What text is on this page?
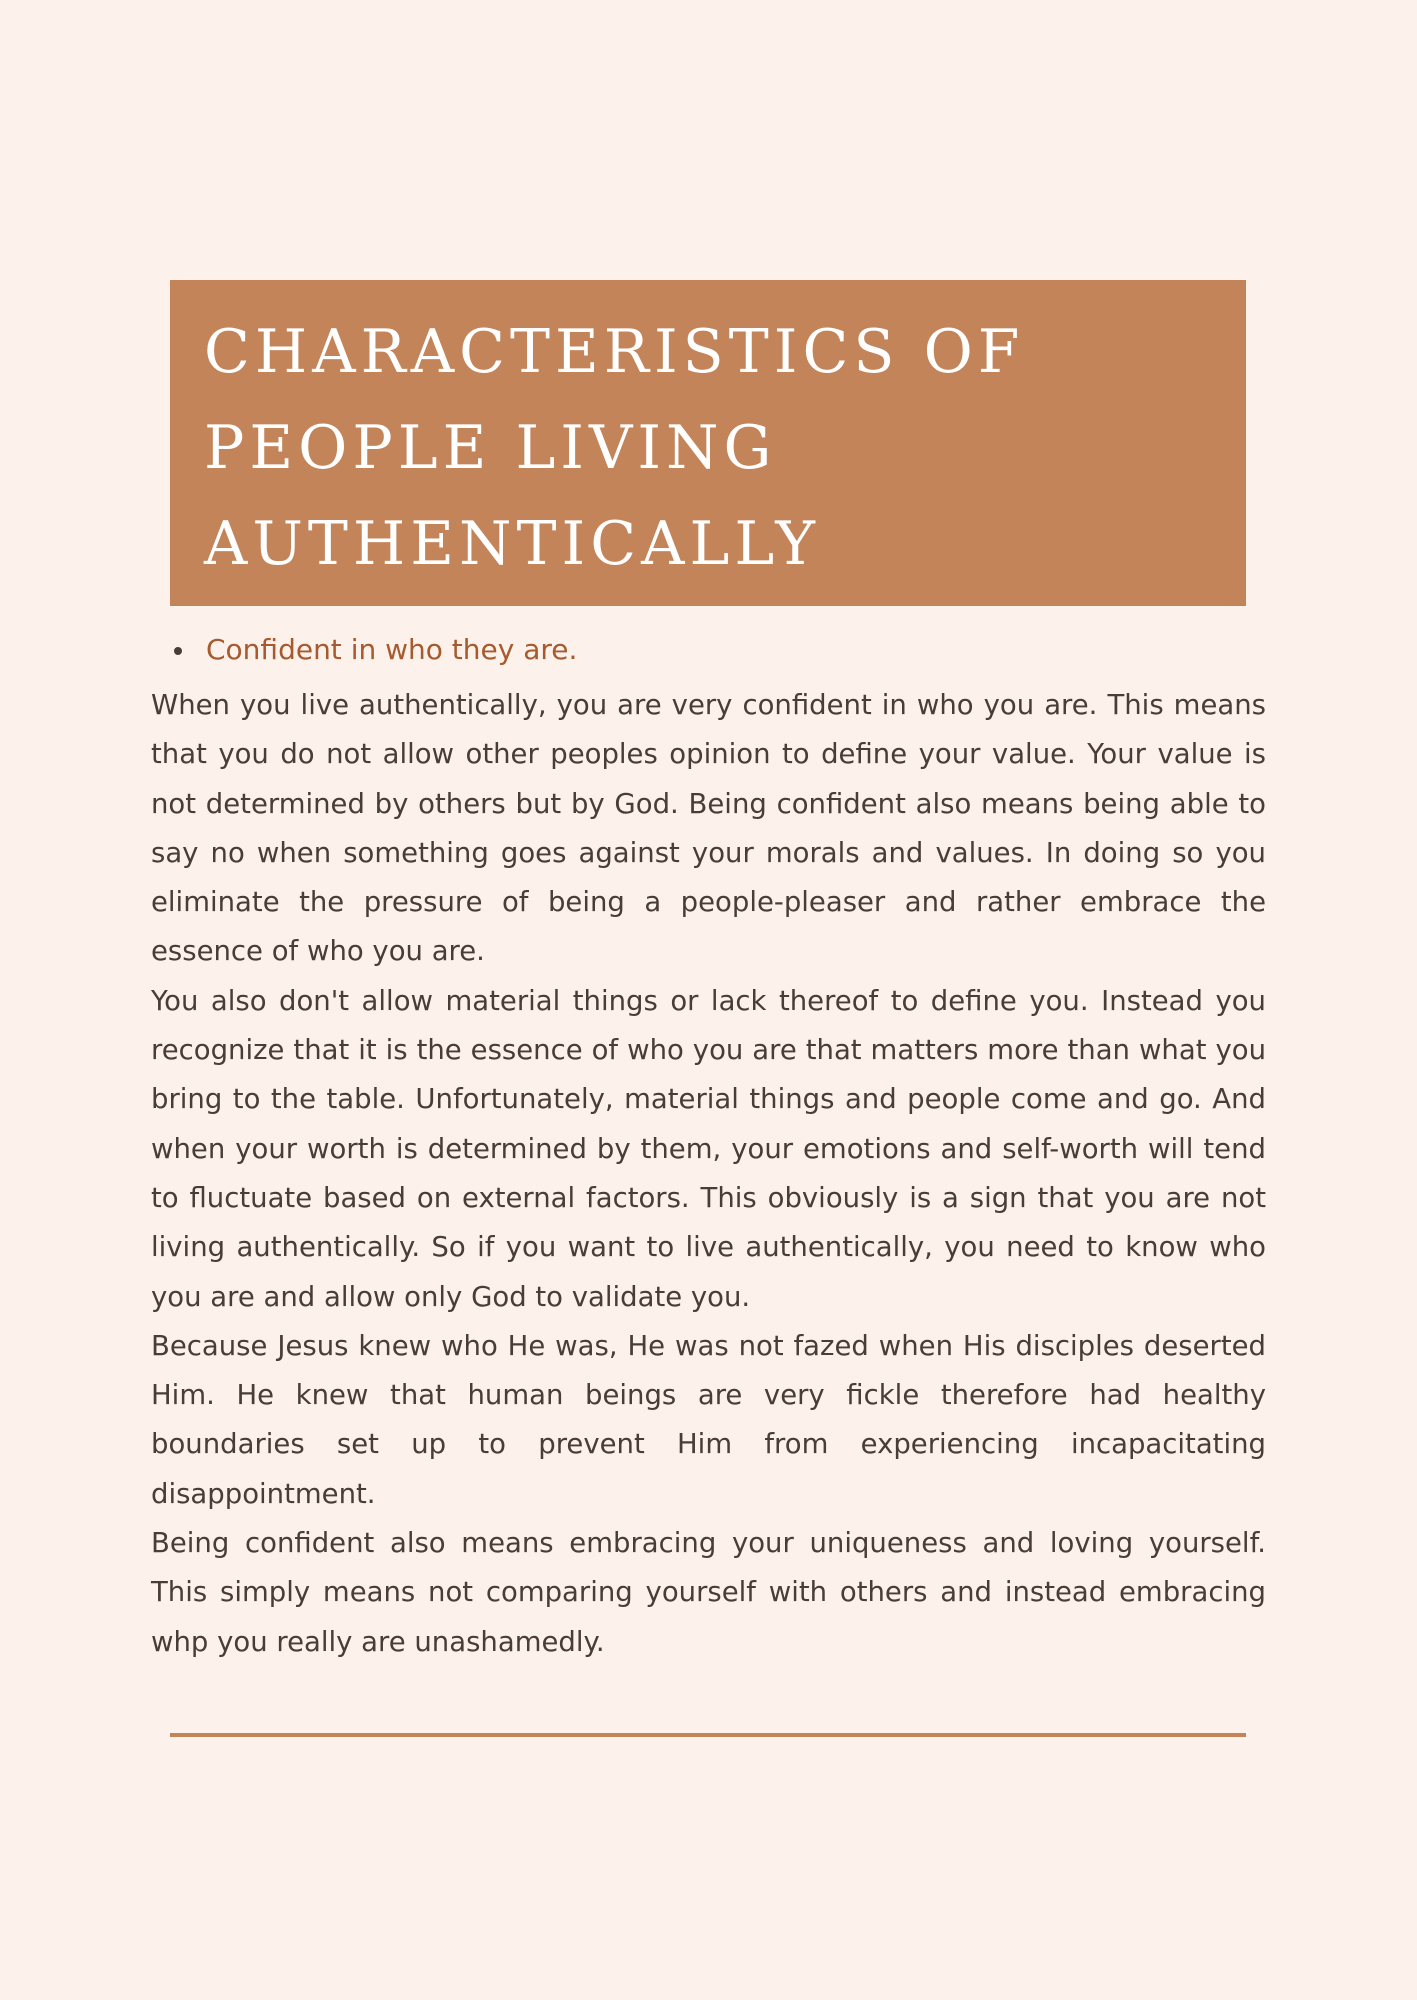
CHARACTERISTICS OF PEOPLE LIVING AUTHENTICALLY
Confident in who they are.

When you live authentically, you are very confident in who you are. This means that you do not allow other peoples opinion to define your value. Your value is not determined by others but by God. Being confident also means being able to say no when something goes against your morals and values. In doing so you eliminate the pressure of being a people-pleaser and rather embrace the essence of who you are.

You also don't allow material things or lack thereof to define you. Instead you recognize that it is the essence of who you are that matters more than what you bring to the table. Unfortunately, material things and people come and go. And when your worth is determined by them, your emotions and self-worth will tend to fluctuate based on external factors. This obviously is a sign that you are not living authentically. So if you want to live authentically, you need to know who you are and allow only God to validate you.

Because Jesus knew who He was, He was not fazed when His disciples deserted Him. He knew that human beings are very fickle therefore had healthy boundaries set up to prevent Him from experiencing incapacitating disappointment.

Being confident also means embracing your uniqueness and loving yourself. This simply means not comparing yourself with others and instead embracing whp you really are unashamedly.
